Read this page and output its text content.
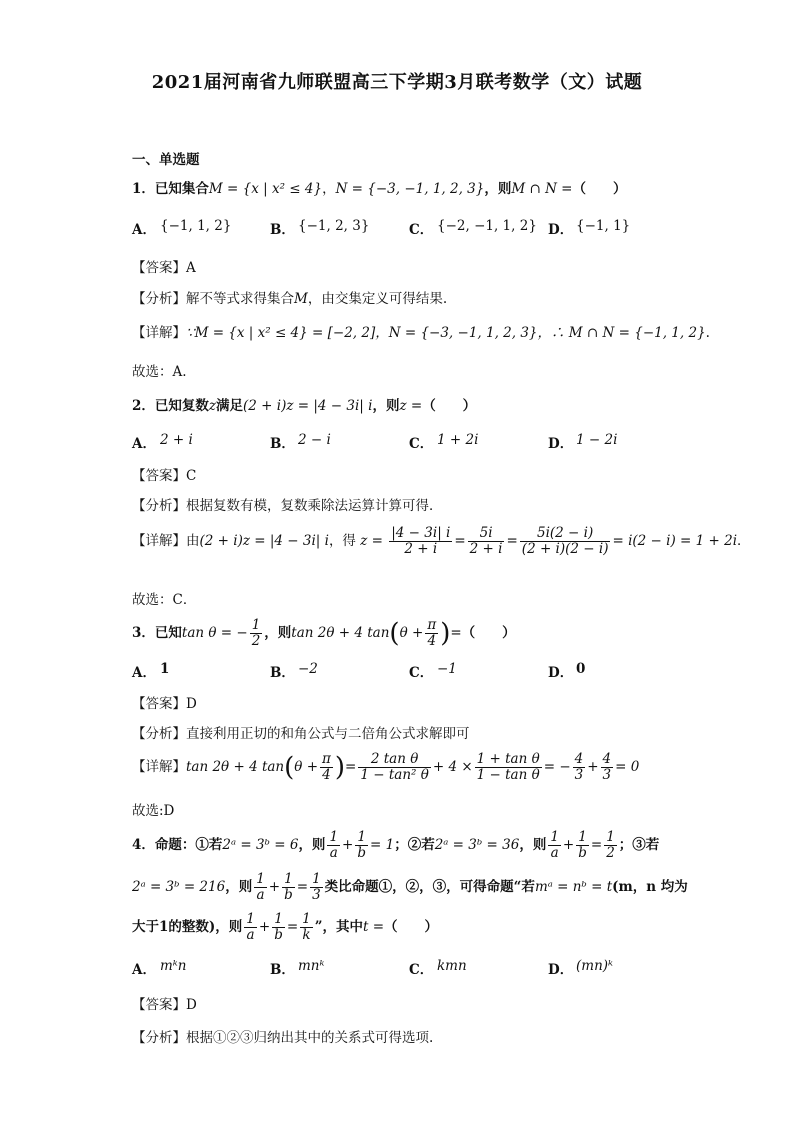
2021届河南省九师联盟高三下学期3月联考数学（文）试题
一、单选题
1．已知集合M = {x | x² ≤ 4}，N = {−3, −1, 1, 2, 3}，则M ∩ N =（　　）
A． {−1, 1, 2}	B． {−1, 2, 3}	C． {−2, −1, 1, 2} D． {−1, 1}
【答案】A
【分析】解不等式求得集合M，由交集定义可得结果.
【详解】∵M = {x | x² ≤ 4} = [−2, 2]，N = {−3, −1, 1, 2, 3}，∴ M ∩ N = {−1, 1, 2}.
故选：A.
2．已知复数z满足(2 + i)z = |4 − 3i| i，则z =（　　）
A． 2 + i	B． 2 − i	C． 1 + 2i	D． 1 − 2i
【答案】C
【分析】根据复数有模，复数乘除法运算计算可得．
【详解】由(2 + i)z = |4 − 3i| i，得 $z = \frac{|4 - 3i| i}{2 + i} = \frac{5i}{2 + i} = \frac{5i(2 - i)}{(2 + i)(2 - i)} = i(2 - i) = 1 + 2i$．
故选：C．
3．已知tan θ = − $\frac{1}{2}$ ，则tan 2θ + 4 $\tan(\theta + \frac{\pi}{4}$ )=（　　）
A． 1	B． −2	C． −1	D． 0
【答案】D
【分析】直接利用正切的和角公式与二倍角公式求解即可
【详解】tan 2θ + 4 $\tan(\theta + \frac{\pi}{4}$ )= $\frac{\text{2 tan θ}}{\text{1 − tan² θ}} + 4 \times \frac{\text{1 + tan θ}}{\text{1 − tan θ}}$ = − $\frac{4}{3} + \frac{4}{3} = 0$
故选:D
4．命题：①若2ᵃ = 3ᵇ = 6，则 $\frac{1}{a} + \frac{1}{b} = 1$；②若2ᵃ = 3ᵇ = 36，则 $\frac{1}{a} + \frac{1}{b} = \frac{1}{2}$ ；③若
2ᵃ = 3ᵇ = 216，则 $\frac{1}{a} + \frac{1}{b} = \frac{1}{3}$ 类比命题①，②，③，可得命题“若mᵃ = nᵇ = t(m，n 均为
大于1的整数)，则 $\frac{1}{a} + \frac{1}{b} = \frac{1}{k}$ ”，其中t =（　　）
A． mᵏn	B． mnᵏ	C． kmn	D． (mn)ᵏ
【答案】D
【分析】根据①②③归纳出其中的关系式可得选项.
